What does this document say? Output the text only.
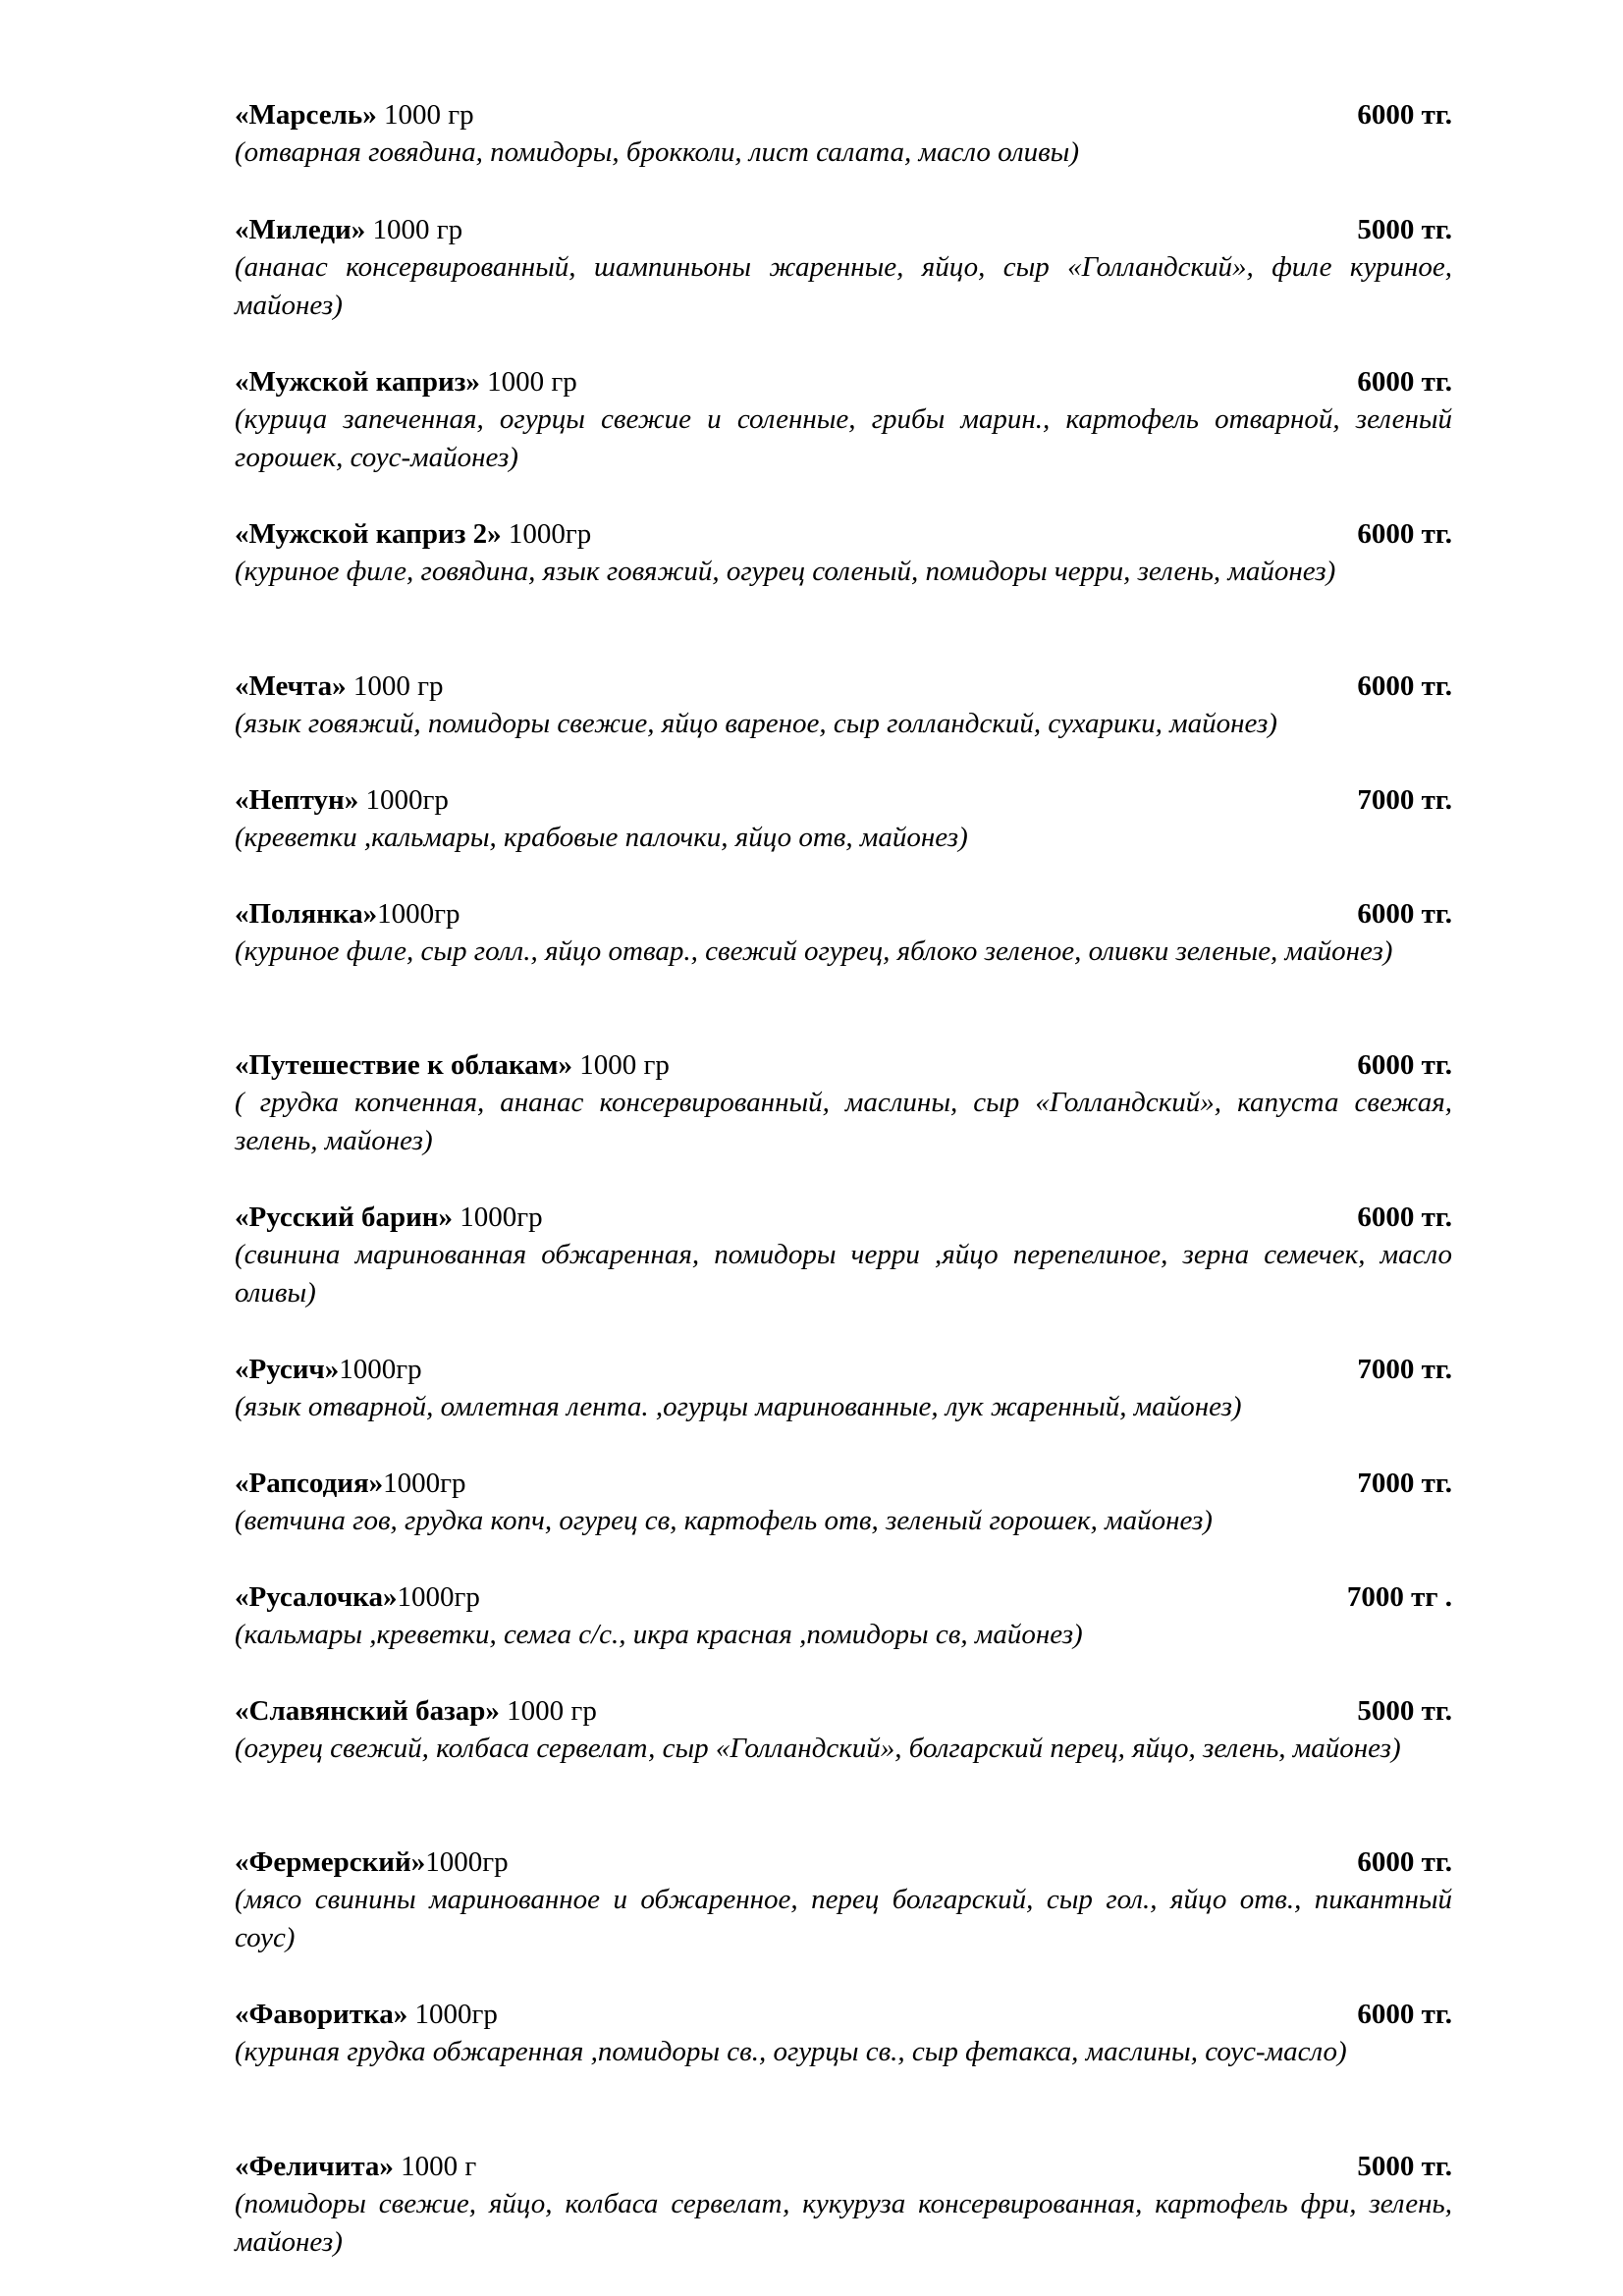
«Марсель» 1000 гр	6000 тг.
(отварная говядина, помидоры, брокколи, лист салата, масло оливы)
«Миледи» 1000 гр	5000 тг.
(ананас консервированный, шампиньоны жаренные, яйцо, сыр «Голландский», филе куриное, майонез)
«Мужской каприз» 1000 гр	6000 тг.
(курица запеченная, огурцы свежие и соленные, грибы марин., картофель отварной, зеленый горошек, соус-майонез)
«Мужской каприз 2» 1000гр	6000 тг.
(куриное филе, говядина, язык говяжий, огурец соленый, помидоры черри, зелень, майонез)
«Мечта» 1000 гр	6000 тг.
(язык говяжий, помидоры свежие, яйцо вареное, сыр голландский, сухарики, майонез)
«Нептун» 1000гр	7000 тг.
(креветки ,кальмары, крабовые палочки, яйцо отв, майонез)
«Полянка»1000гр	6000 тг.
(куриное филе, сыр голл., яйцо отвар., свежий огурец, яблоко зеленое, оливки зеленые, майонез)
«Путешествие к облакам» 1000 гр	6000 тг.
( грудка копченная, ананас консервированный, маслины, сыр «Голландский», капуста свежая, зелень, майонез)
«Русский барин» 1000гр	6000 тг.
(свинина маринованная обжаренная, помидоры черри ,яйцо перепелиное, зерна семечек, масло оливы)
«Русич»1000гр	7000 тг.
(язык отварной, омлетная лента. ,огурцы маринованные, лук жаренный, майонез)
«Рапсодия»1000гр	7000 тг.
(ветчина гов, грудка копч, огурец св, картофель отв, зеленый горошек, майонез)
«Русалочка»1000гр	7000 тг .
(кальмары ,креветки, семга с/с., икра красная ,помидоры св, майонез)
«Славянский базар» 1000 гр	5000 тг.
(огурец свежий, колбаса сервелат, сыр «Голландский», болгарский перец, яйцо, зелень, майонез)
«Фермерский»1000гр	6000 тг.
(мясо свинины маринованное и обжаренное, перец болгарский, сыр гол., яйцо отв., пикантный соус)
«Фаворитка» 1000гр	6000 тг.
(куриная грудка обжаренная ,помидоры св., огурцы св., сыр фетакса, маслины, соус-масло)
«Феличита» 1000 г	5000 тг.
(помидоры свежие, яйцо, колбаса сервелат, кукуруза консервированная, картофель фри, зелень, майонез)
